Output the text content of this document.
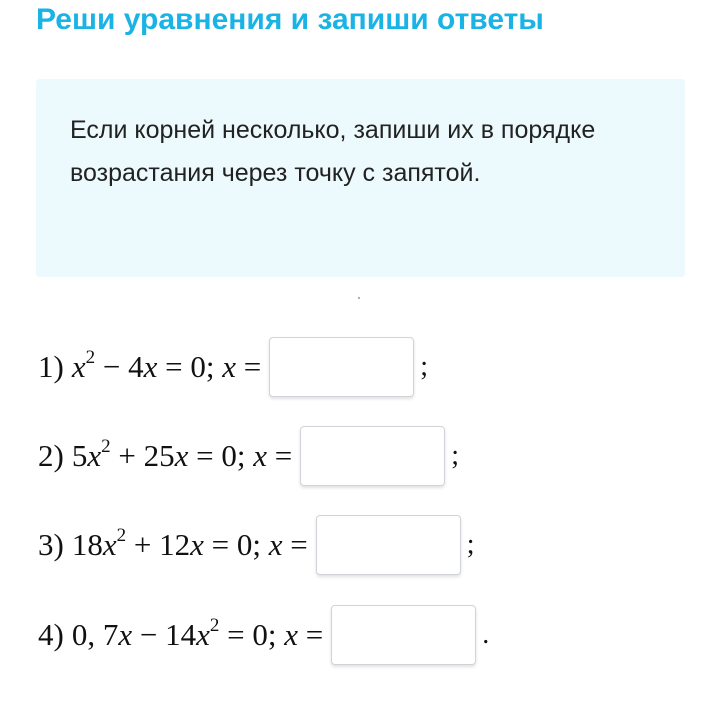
Реши уравнения и запиши ответы

Если корней несколько, запиши их в порядке возрастания через точку с запятой.

1) $x^2 - 4x = 0$; x =	;
2) $5x^2 + 25x = 0$; x =	;
3) $18x^2 + 12x = 0$; x =	;
4) 0, $7x - 14x^2 = 0$; x =	.
